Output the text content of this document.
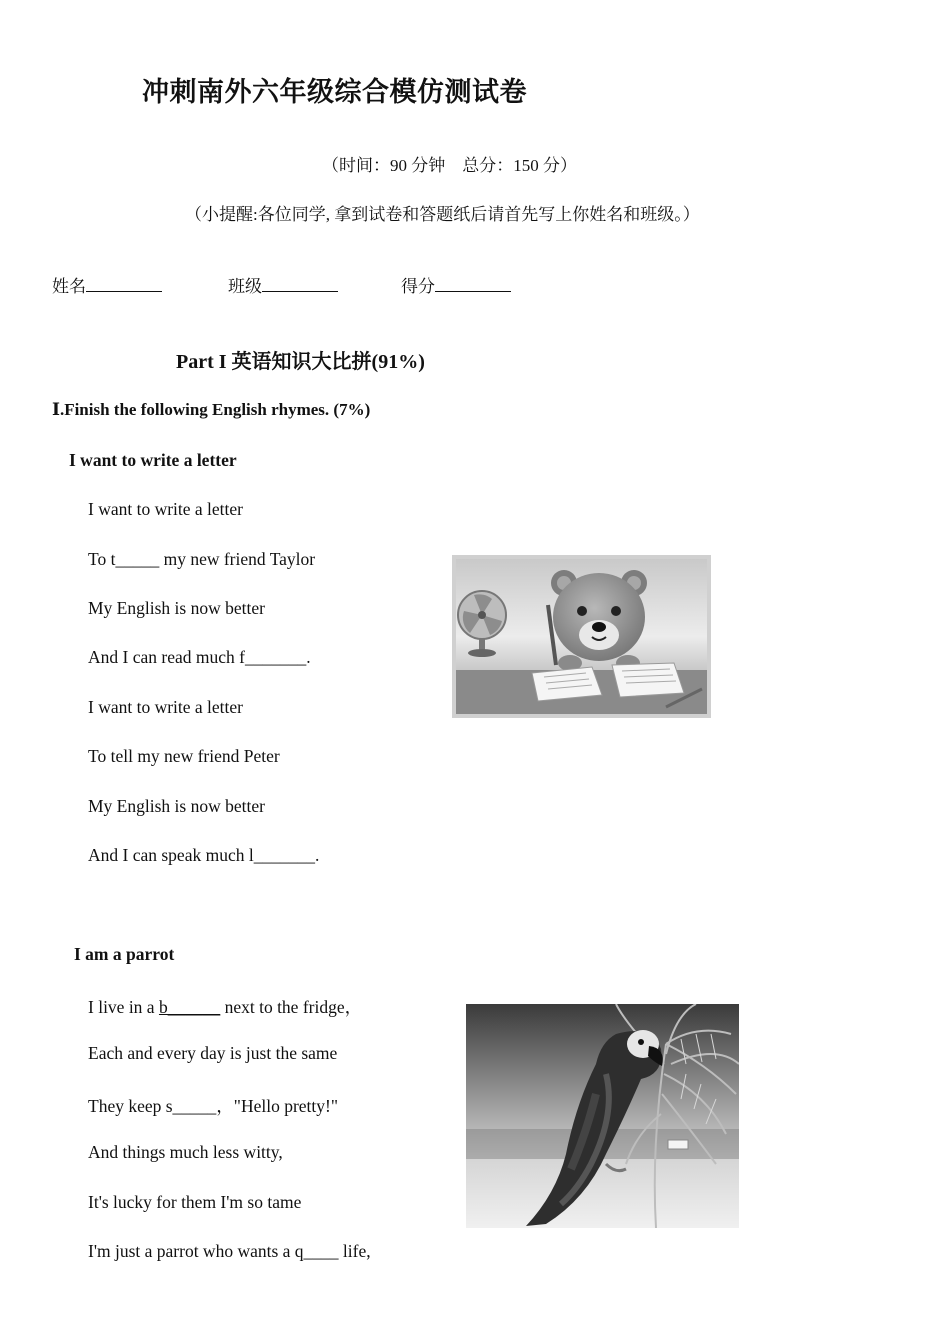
冲刺南外六年级综合模仿测试卷
（时间：90 分钟　总分：150 分）
（小提醒:各位同学, 拿到试卷和答题纸后请首先写上你姓名和班级。）
姓名	班级	得分
Part I 英语知识大比拼(91%)
Ⅰ.Finish the following English rhymes. (7%)
I want to write a letter
I want to write a letter
To t_____ my new friend Taylor
My English is now better
And I can read much f_______.
I want to write a letter
To tell my new friend Peter
My English is now better
And I can speak much l_______.
I am a parrot
I live in a b______ next to the fridge，
Each and every day is just the same
They keep s_____，"Hello pretty!"
And things much less witty,
It's lucky for them I'm so tame
I'm just a parrot who wants a q____ life,
